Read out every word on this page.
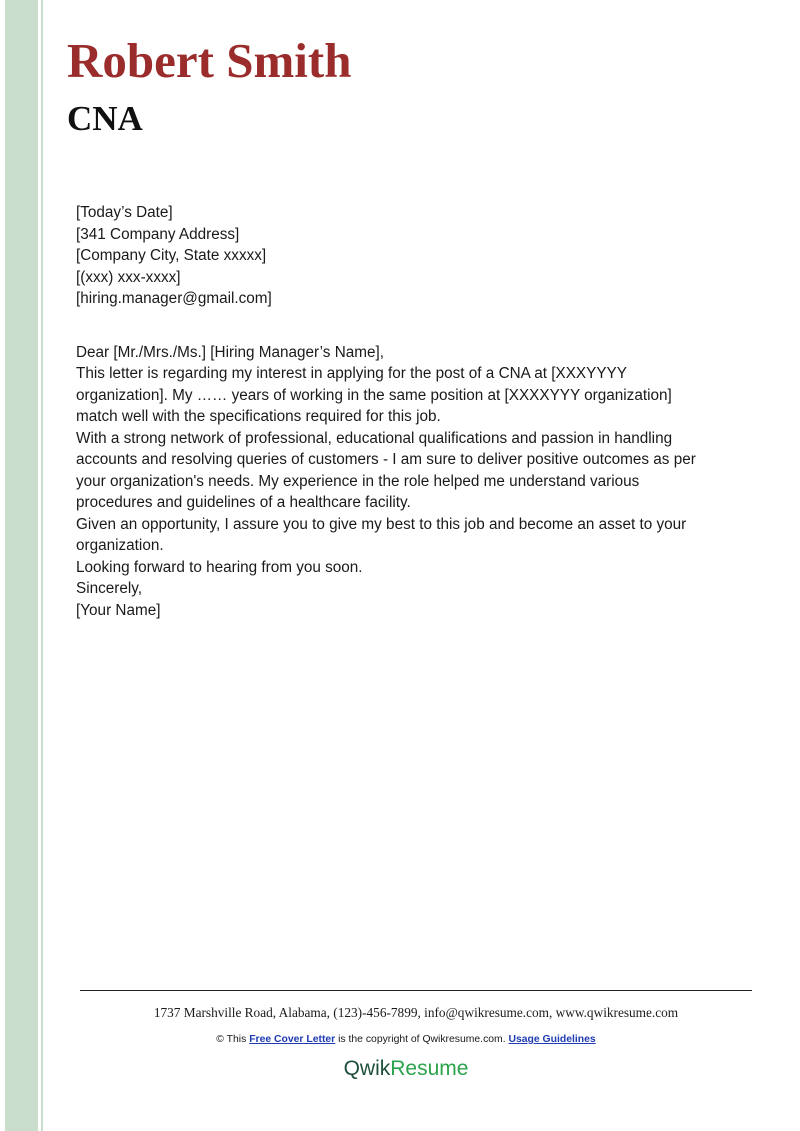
Robert Smith
CNA

[Today’s Date]

[341 Company Address]
[Company City, State xxxxx]
[(xxx) xxx-xxxx]
[hiring.manager@gmail.com]

Dear [Mr./Mrs./Ms.] [Hiring Manager’s Name],

This letter is regarding my interest in applying for the post of a CNA at [XXXYYYY
organization]. My …… years of working in the same position at [XXXXYYY organization]
match well with the specifications required for this job.

With a strong network of professional, educational qualifications and passion in handling
accounts and resolving queries of customers - I am sure to deliver positive outcomes as per
your organization's needs. My experience in the role helped me understand various
procedures and guidelines of a healthcare facility.

Given an opportunity, I assure you to give my best to this job and become an asset to your
organization.

Looking forward to hearing from you soon.

Sincerely,
[Your Name]

1737 Marshville Road, Alabama, (123)-456-7899, info@qwikresume.com, www.qwikresume.com
© This Free Cover Letter is the copyright of Qwikresume.com. Usage Guidelines
QwikResume
